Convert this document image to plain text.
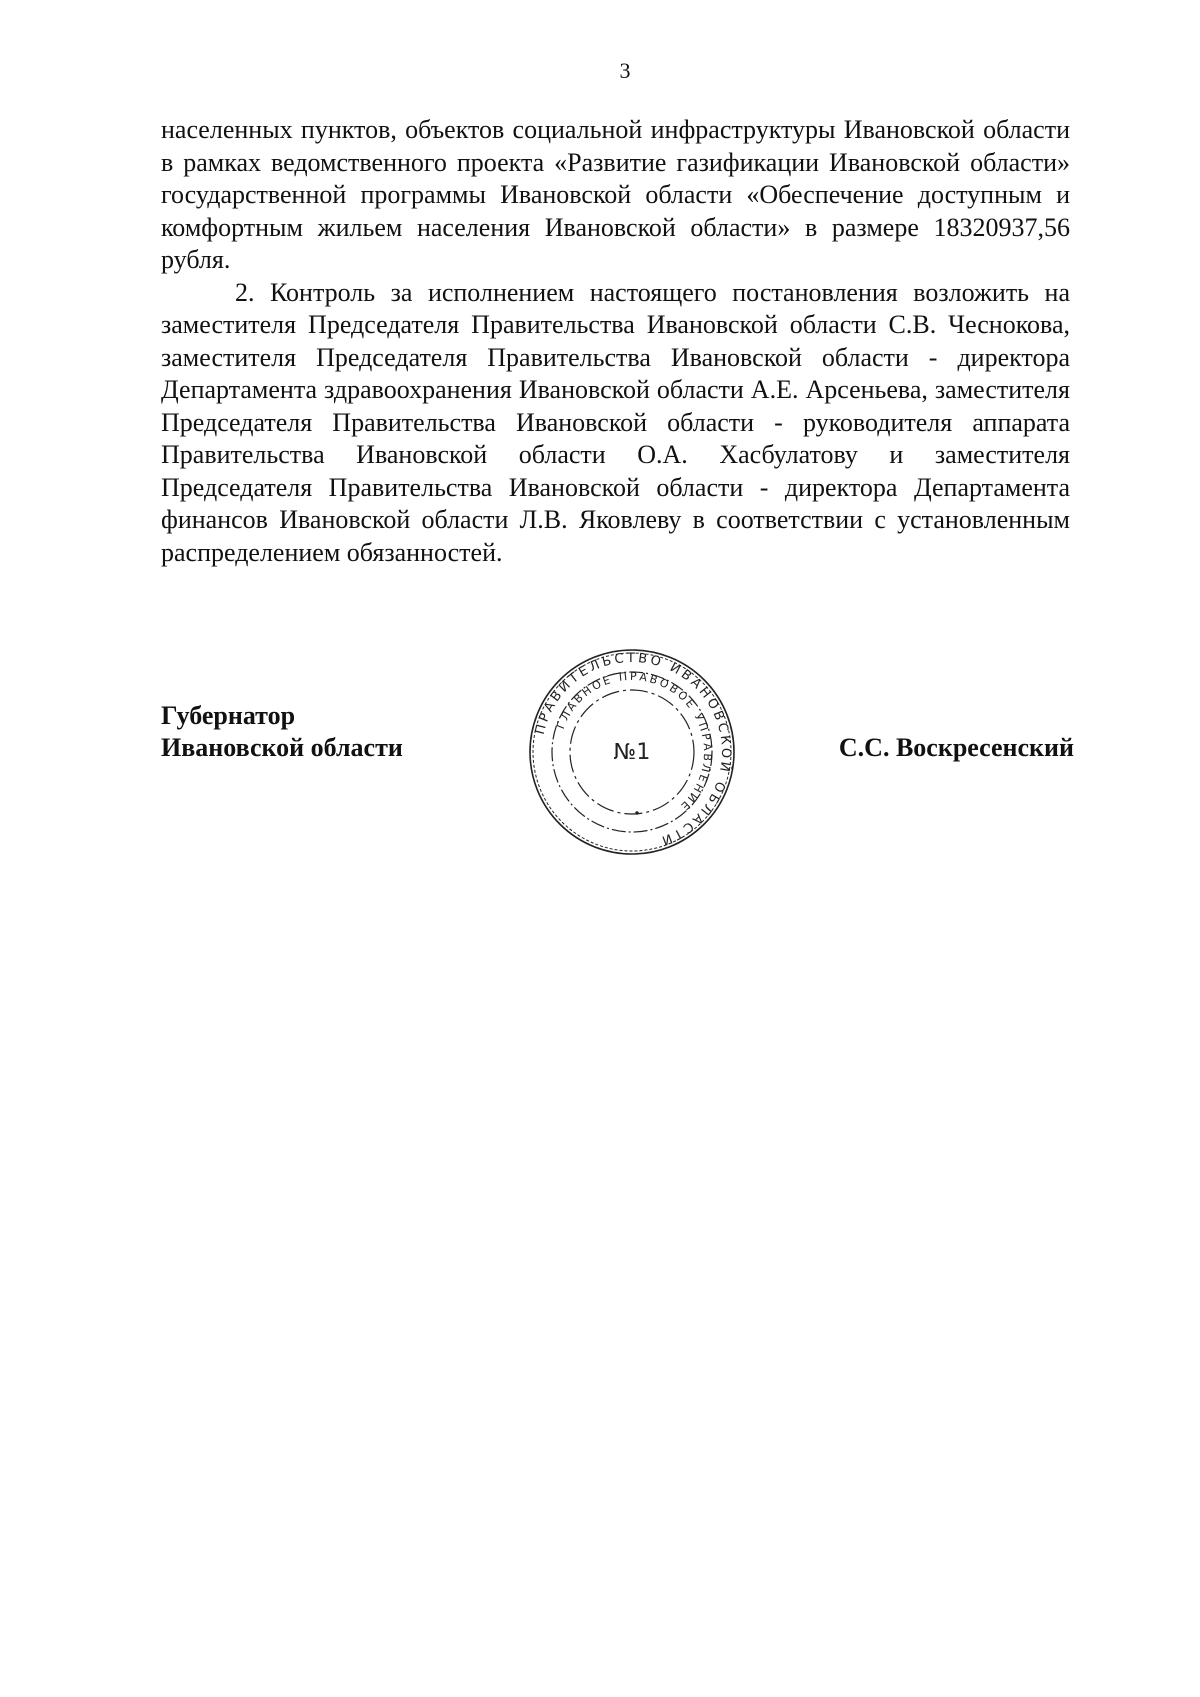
3

населенных пунктов, объектов социальной инфраструктуры Ивановской области в рамках ведомственного проекта «Развитие газификации Ивановской области» государственной программы Ивановской области «Обеспечение доступным и комфортным жильем населения Ивановской области» в размере 18320937,56 рубля.

2. Контроль за исполнением настоящего постановления возложить на заместителя Председателя Правительства Ивановской области С.В. Чеснокова, заместителя Председателя Правительства Ивановской области - директора Департамента здравоохранения Ивановской области А.Е. Арсеньева, заместителя Председателя Правительства Ивановской области - руководителя аппарата Правительства Ивановской области О.А. Хасбулатову и заместителя Председателя Правительства Ивановской области - директора Департамента финансов Ивановской области Л.В. Яковлеву в соответствии с установленным распределением обязанностей.

Губернатор
Ивановской области	С.С. Воскресенский
ПРАВИТЕЛЬСТВО ИВАНОВСКОЙ ОБЛАСТИ
ГЛАВНОЕ ПРАВОВОЕ УПРАВЛЕНИЕ
№1
